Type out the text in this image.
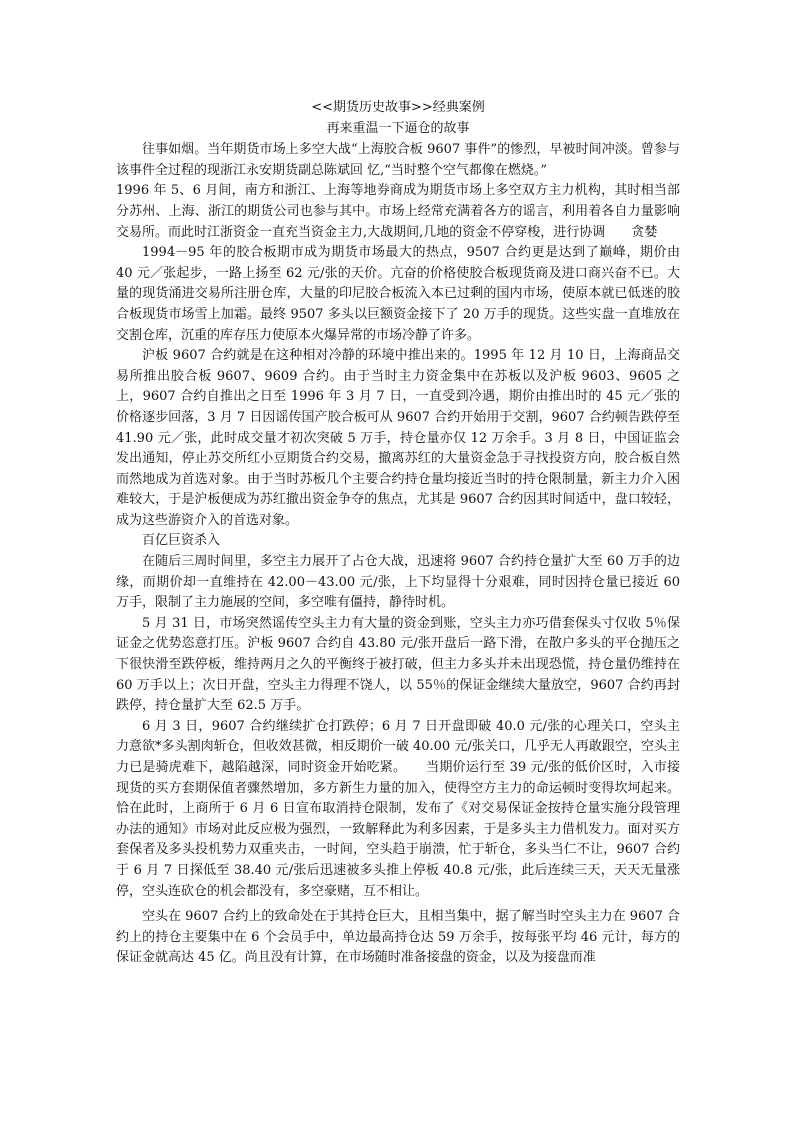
<<期货历史故事>>经典案例

再来重温一下逼仓的故事

往事如烟。当年期货市场上多空大战“上海胶合板 9607 事件”的惨烈，早被时间冲淡。曾参与该事件全过程的现浙江永安期货副总陈斌回 忆,“当时整个空气都像在燃烧。”

1996 年 5、6 月间，南方和浙江、上海等地券商成为期货市场上多空双方主力机构，其时相当部分苏州、上海、浙江的期货公司也参与其中。市场上经常充满着各方的谣言，利用着各自力量影响交易所。而此时江浙资金一直充当资金主力,大战期间,几地的资金不停穿梭，进行协调　　贪婪

1994－95 年的胶合板期市成为期货市场最大的热点，9507 合约更是达到了巅峰，期价由 40 元／张起步，一路上扬至 62 元/张的天价。亢奋的价格使胶合板现货商及进口商兴奋不已。大量的现货涌进交易所注册仓库，大量的印尼胶合板流入本已过剩的国内市场，使原本就已低迷的胶合板现货市场雪上加霜。最终 9507 多头以巨额资金接下了 20 万手的现货。这些实盘一直堆放在交割仓库，沉重的库存压力使原本火爆异常的市场冷静了许多。

沪板 9607 合约就是在这种相对冷静的环境中推出来的。1995 年 12 月 10 日，上海商品交易所推出胶合板 9607、9609 合约。由于当时主力资金集中在苏板以及沪板 9603、9605 之上，9607 合约自推出之日至 1996 年 3 月 7 日，一直受到冷遇，期价由推出时的 45 元／张的价格逐步回落，3 月 7 日因谣传国产胶合板可从 9607 合约开始用于交割，9607 合约顿告跌停至 41.90 元／张，此时成交量才初次突破 5 万手，持仓量亦仅 12 万余手。3 月 8 日，中国证监会发出通知，停止苏交所红小豆期货合约交易，撤离苏红的大量资金急于寻找投资方向，胶合板自然而然地成为首选对象。由于当时苏板几个主要合约持仓量均接近当时的持仓限制量，新主力介入困难较大，于是沪板便成为苏红撤出资金争夺的焦点，尤其是 9607 合约因其时间适中，盘口较轻，成为这些游资介入的首选对象。

百亿巨资杀入

在随后三周时间里，多空主力展开了占仓大战，迅速将 9607 合约持仓量扩大至 60 万手的边缘，而期价却一直维持在 42.00－43.00 元/张，上下均显得十分艰难，同时因持仓量已接近 60 万手，限制了主力施展的空间，多空唯有僵持，静待时机。

5 月 31 日，市场突然谣传空头主力有大量的资金到账，空头主力亦巧借套保头寸仅收 5％保证金之优势恣意打压。沪板 9607 合约自 43.80 元/张开盘后一路下滑，在散户多头的平仓抛压之下很快滑至跌停板，维持两月之久的平衡终于被打破，但主力多头并未出现恐慌，持仓量仍维持在 60 万手以上；次日开盘，空头主力得理不饶人，以 55％的保证金继续大量放空，9607 合约再封跌停，持仓量扩大至 62.5 万手。

6 月 3 日，9607 合约继续扩仓打跌停；6 月 7 日开盘即破 40.0 元/张的心理关口，空头主力意欲*多头割肉斩仓，但收效甚微，相反期价一破 40.00 元/张关口，几乎无人再敢跟空，空头主力已是骑虎难下，越陷越深，同时资金开始吃紧。　　当期价运行至 39 元/张的低价区时，入市接现货的买方套期保值者骤然增加，多方新生力量的加入，使得空方主力的命运顿时变得坎坷起来。恰在此时，上商所于 6 月 6 日宣布取消持仓限制，发布了《对交易保证金按持仓量实施分段管理办法的通知》市场对此反应极为强烈，一致解释此为利多因素，于是多头主力借机发力。面对买方套保者及多头投机势力双重夹击，一时间，空头趋于崩溃，忙于斩仓，多头当仁不让，9607 合约于 6 月 7 日探低至 38.40 元/张后迅速被多头推上停板 40.8 元/张，此后连续三天，天天无量涨停，空头连砍仓的机会都没有，多空豪赌，互不相让。

空头在 9607 合约上的致命处在于其持仓巨大，且相当集中，据了解当时空头主力在 9607 合约上的持仓主要集中在 6 个会员手中，单边最高持仓达 59 万余手，按每张平均 46 元计，每方的保证金就高达 45 亿。尚且没有计算，在市场随时准备接盘的资金，以及为接盘而准
